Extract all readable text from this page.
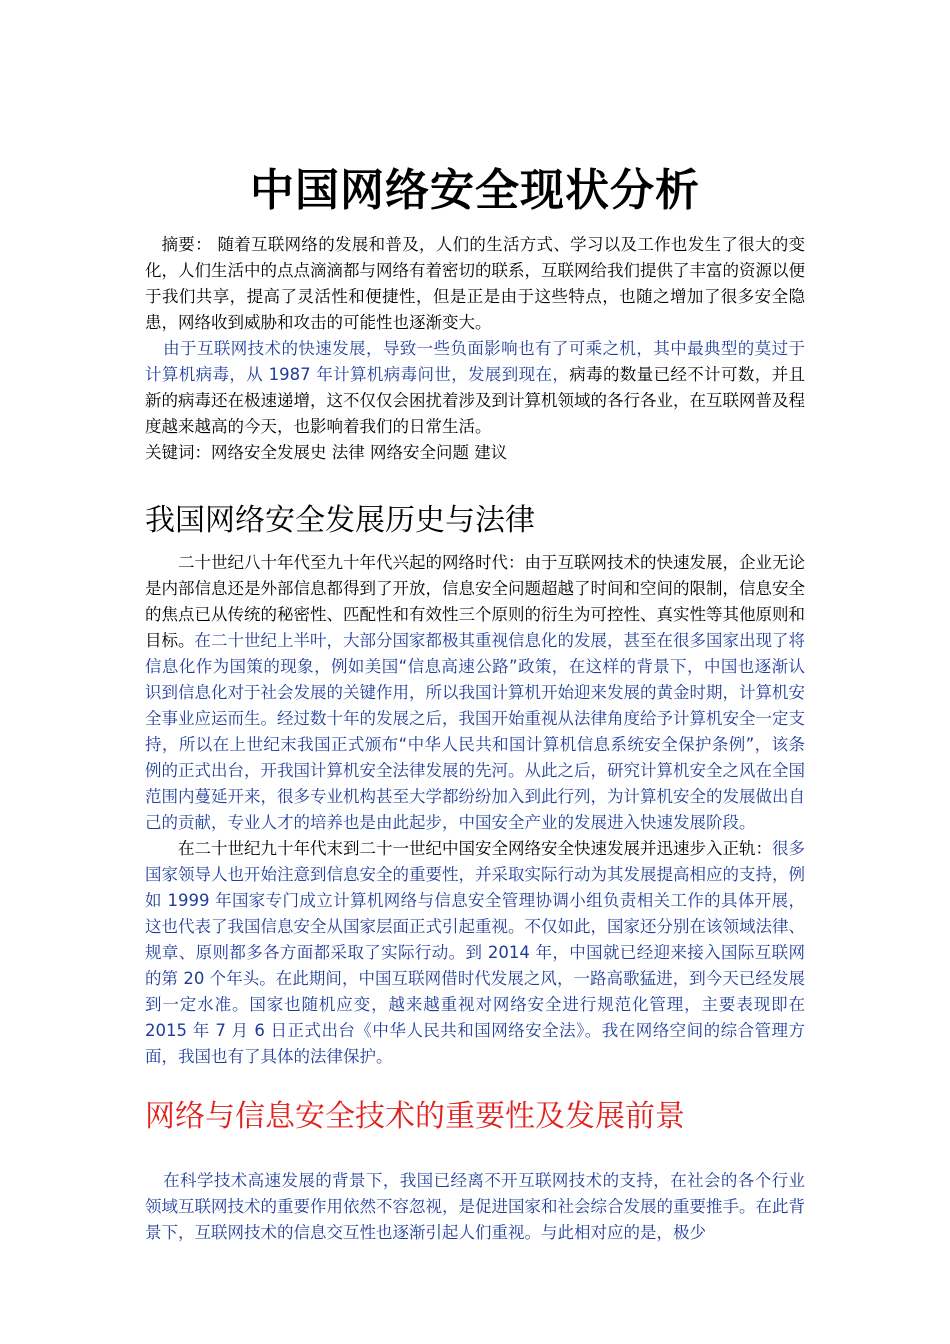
中国网络安全现状分析

摘要： 随着互联网络的发展和普及，人们的生活方式、学习以及工作也发生了很大的变化，人们生活中的点点滴滴都与网络有着密切的联系，互联网给我们提供了丰富的资源以便于我们共享，提高了灵活性和便捷性，但是正是由于这些特点，也随之增加了很多安全隐患，网络收到威胁和攻击的可能性也逐渐变大。

由于互联网技术的快速发展，导致一些负面影响也有了可乘之机，其中最典型的莫过于计算机病毒，从 1987 年计算机病毒问世，发展到现在，病毒的数量已经不计可数，并且新的病毒还在极速递增，这不仅仅会困扰着涉及到计算机领域的各行各业，在互联网普及程度越来越高的今天，也影响着我们的日常生活。

关键词：网络安全发展史 法律 网络安全问题 建议

我国网络安全发展历史与法律

二十世纪八十年代至九十年代兴起的网络时代：由于互联网技术的快速发展，企业无论是内部信息还是外部信息都得到了开放，信息安全问题超越了时间和空间的限制，信息安全的焦点已从传统的秘密性、匹配性和有效性三个原则的衍生为可控性、真实性等其他原则和目标。在二十世纪上半叶，大部分国家都极其重视信息化的发展，甚至在很多国家出现了将信息化作为国策的现象，例如美国“信息高速公路”政策，在这样的背景下，中国也逐渐认识到信息化对于社会发展的关键作用，所以我国计算机开始迎来发展的黄金时期，计算机安全事业应运而生。经过数十年的发展之后，我国开始重视从法律角度给予计算机安全一定支持，所以在上世纪末我国正式颁布“中华人民共和国计算机信息系统安全保护条例”，该条例的正式出台，开我国计算机安全法律发展的先河。从此之后，研究计算机安全之风在全国范围内蔓延开来，很多专业机构甚至大学都纷纷加入到此行列，为计算机安全的发展做出自己的贡献，专业人才的培养也是由此起步，中国安全产业的发展进入快速发展阶段。

在二十世纪九十年代末到二十一世纪中国安全网络安全快速发展并迅速步入正轨：很多国家领导人也开始注意到信息安全的重要性，并采取实际行动为其发展提高相应的支持，例如 1999 年国家专门成立计算机网络与信息安全管理协调小组负责相关工作的具体开展，这也代表了我国信息安全从国家层面正式引起重视。不仅如此，国家还分别在该领域法律、规章、原则都多各方面都采取了实际行动。到 2014 年，中国就已经迎来接入国际互联网的第 20 个年头。在此期间，中国互联网借时代发展之风，一路高歌猛进，到今天已经发展到一定水准。国家也随机应变，越来越重视对网络安全进行规范化管理，主要表现即在 2015 年 7 月 6 日正式出台《中华人民共和国网络安全法》。我在网络空间的综合管理方面，我国也有了具体的法律保护。

网络与信息安全技术的重要性及发展前景

在科学技术高速发展的背景下，我国已经离不开互联网技术的支持，在社会的各个行业领域互联网技术的重要作用依然不容忽视，是促进国家和社会综合发展的重要推手。在此背景下，互联网技术的信息交互性也逐渐引起人们重视。与此相对应的是，极少
